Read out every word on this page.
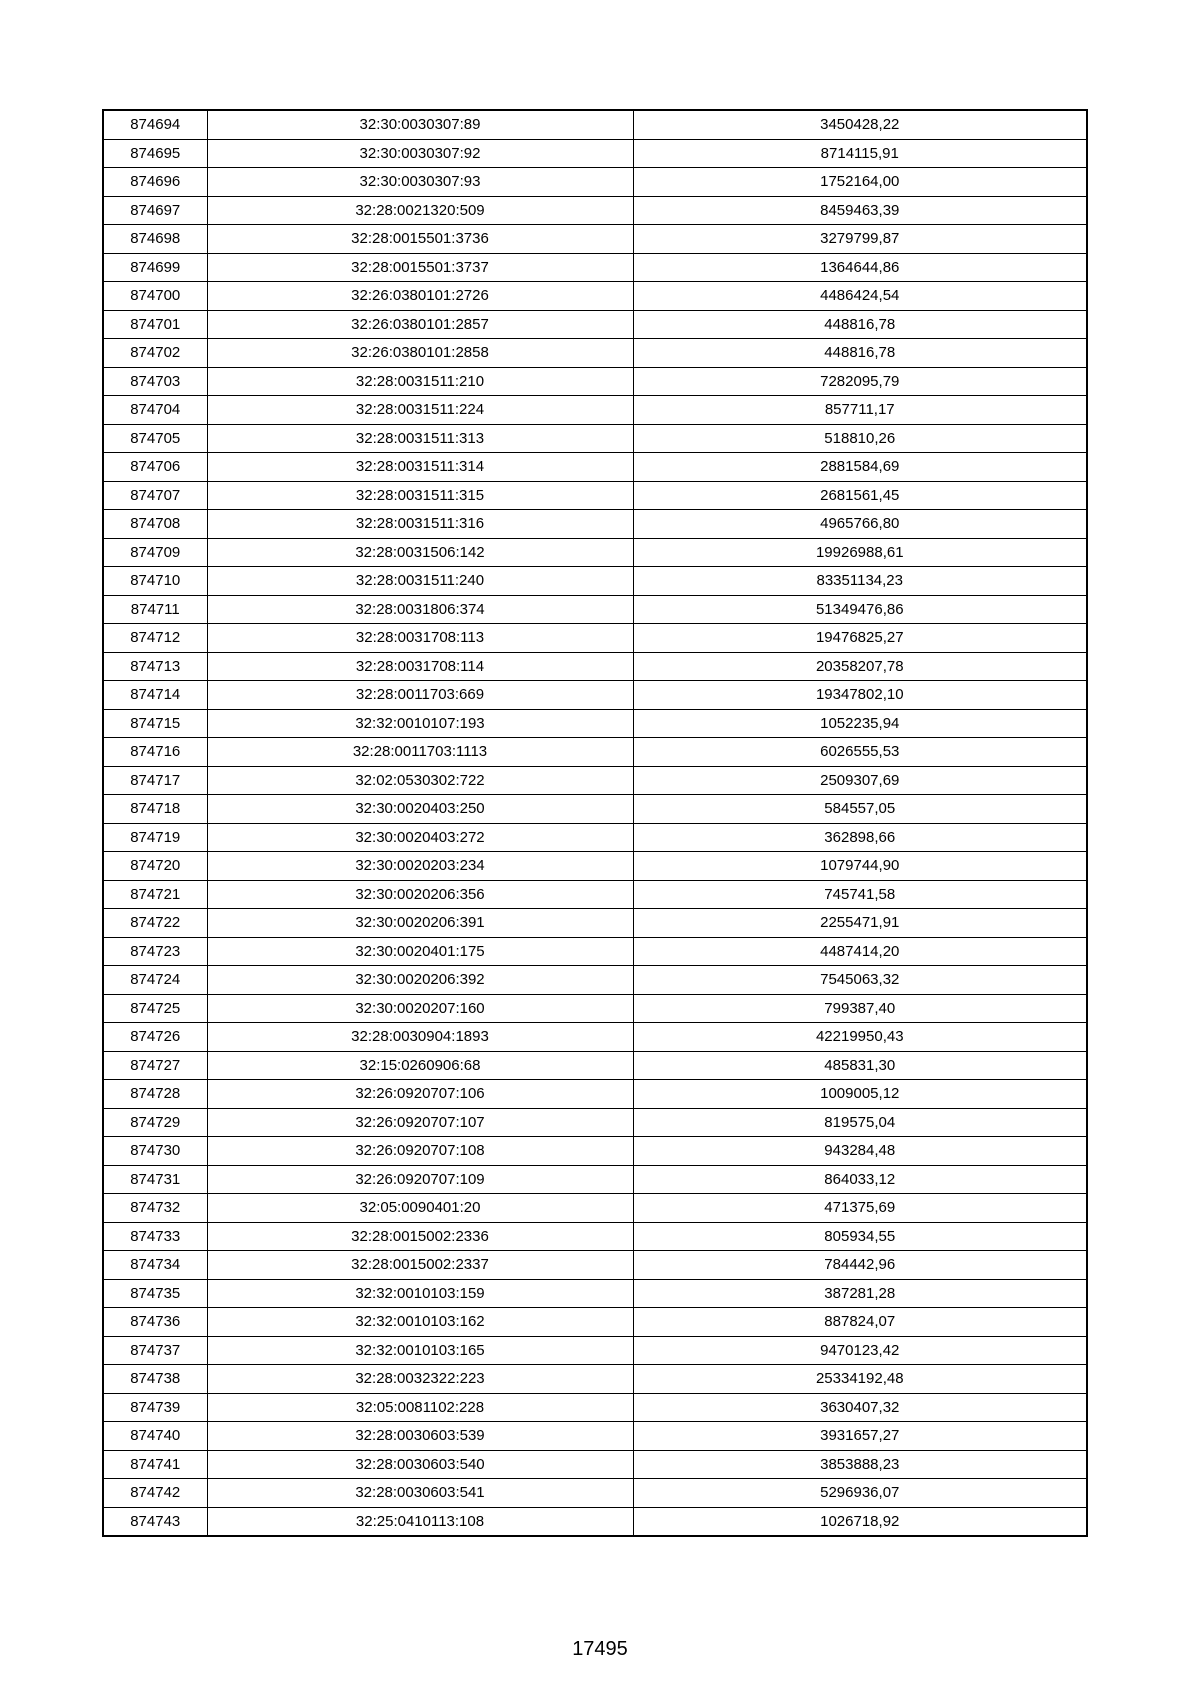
874694	32:30:0030307:89	3450428,22
874695	32:30:0030307:92	8714115,91
874696	32:30:0030307:93	1752164,00
874697	32:28:0021320:509	8459463,39
874698	32:28:0015501:3736	3279799,87
874699	32:28:0015501:3737	1364644,86
874700	32:26:0380101:2726	4486424,54
874701	32:26:0380101:2857	448816,78
874702	32:26:0380101:2858	448816,78
874703	32:28:0031511:210	7282095,79
874704	32:28:0031511:224	857711,17
874705	32:28:0031511:313	518810,26
874706	32:28:0031511:314	2881584,69
874707	32:28:0031511:315	2681561,45
874708	32:28:0031511:316	4965766,80
874709	32:28:0031506:142	19926988,61
874710	32:28:0031511:240	83351134,23
874711	32:28:0031806:374	51349476,86
874712	32:28:0031708:113	19476825,27
874713	32:28:0031708:114	20358207,78
874714	32:28:0011703:669	19347802,10
874715	32:32:0010107:193	1052235,94
874716	32:28:0011703:1113	6026555,53
874717	32:02:0530302:722	2509307,69
874718	32:30:0020403:250	584557,05
874719	32:30:0020403:272	362898,66
874720	32:30:0020203:234	1079744,90
874721	32:30:0020206:356	745741,58
874722	32:30:0020206:391	2255471,91
874723	32:30:0020401:175	4487414,20
874724	32:30:0020206:392	7545063,32
874725	32:30:0020207:160	799387,40
874726	32:28:0030904:1893	42219950,43
874727	32:15:0260906:68	485831,30
874728	32:26:0920707:106	1009005,12
874729	32:26:0920707:107	819575,04
874730	32:26:0920707:108	943284,48
874731	32:26:0920707:109	864033,12
874732	32:05:0090401:20	471375,69
874733	32:28:0015002:2336	805934,55
874734	32:28:0015002:2337	784442,96
874735	32:32:0010103:159	387281,28
874736	32:32:0010103:162	887824,07
874737	32:32:0010103:165	9470123,42
874738	32:28:0032322:223	25334192,48
874739	32:05:0081102:228	3630407,32
874740	32:28:0030603:539	3931657,27
874741	32:28:0030603:540	3853888,23
874742	32:28:0030603:541	5296936,07
874743	32:25:0410113:108	1026718,92
17495
